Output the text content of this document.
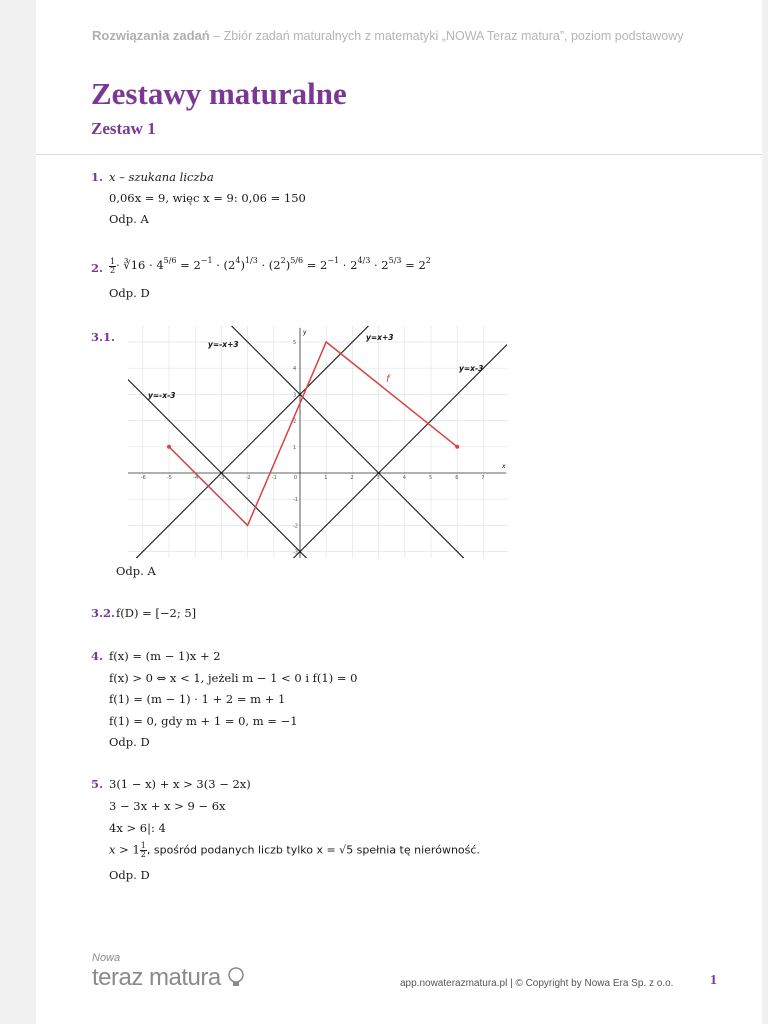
Rozwiązania zadań – Zbiór zadań maturalnych z matematyki „NOWA Teraz matura”, poziom podstawowy
Zestawy maturalne
Zestaw 1
1. x – szukana liczba
0,06x = 9, więc x = 9: 0,06 = 150
Odp. A
2. $\frac{1}{2}$ · ∛16 · $4^{5/6} = 2^{-1} \cdot (2^4)^{1/3} \cdot (2^2)^{5/6} = 2^{-1} \cdot 2^{4/3} \cdot 2^{5/3} = 2^2$
Odp. D
3.1.
-6	-5	-4	-3	-2	-1	0	1	2	3	4	5	6	7
5
4
3
2
1
-1
-2
-3
y=-x+3
y=x+3
y=x-3
y=-x-3
f
x
y
Odp. A
3.2. f(D) = [−2; 5]
4. f(x) = (m − 1)x + 2
f(x) > 0 ⇔ x < 1, jeżeli m − 1 < 0 i f(1) = 0
f(1) = (m − 1) · 1 + 2 = m + 1
f(1) = 0, gdy m + 1 = 0, m = −1
Odp. D
5. 3(1 − x) + x > 3(3 − 2x)
3 − 3x + x > 9 − 6x
4x > 6|: 4
$x > 1 \frac{1}{2}$ , spośród podanych liczb tylko x = √5 spełnia tę nierówność.
Odp. D
Nowa
teraz matura	app.nowaterazmatura.pl | © Copyright by Nowa Era Sp. z o.o.	1
